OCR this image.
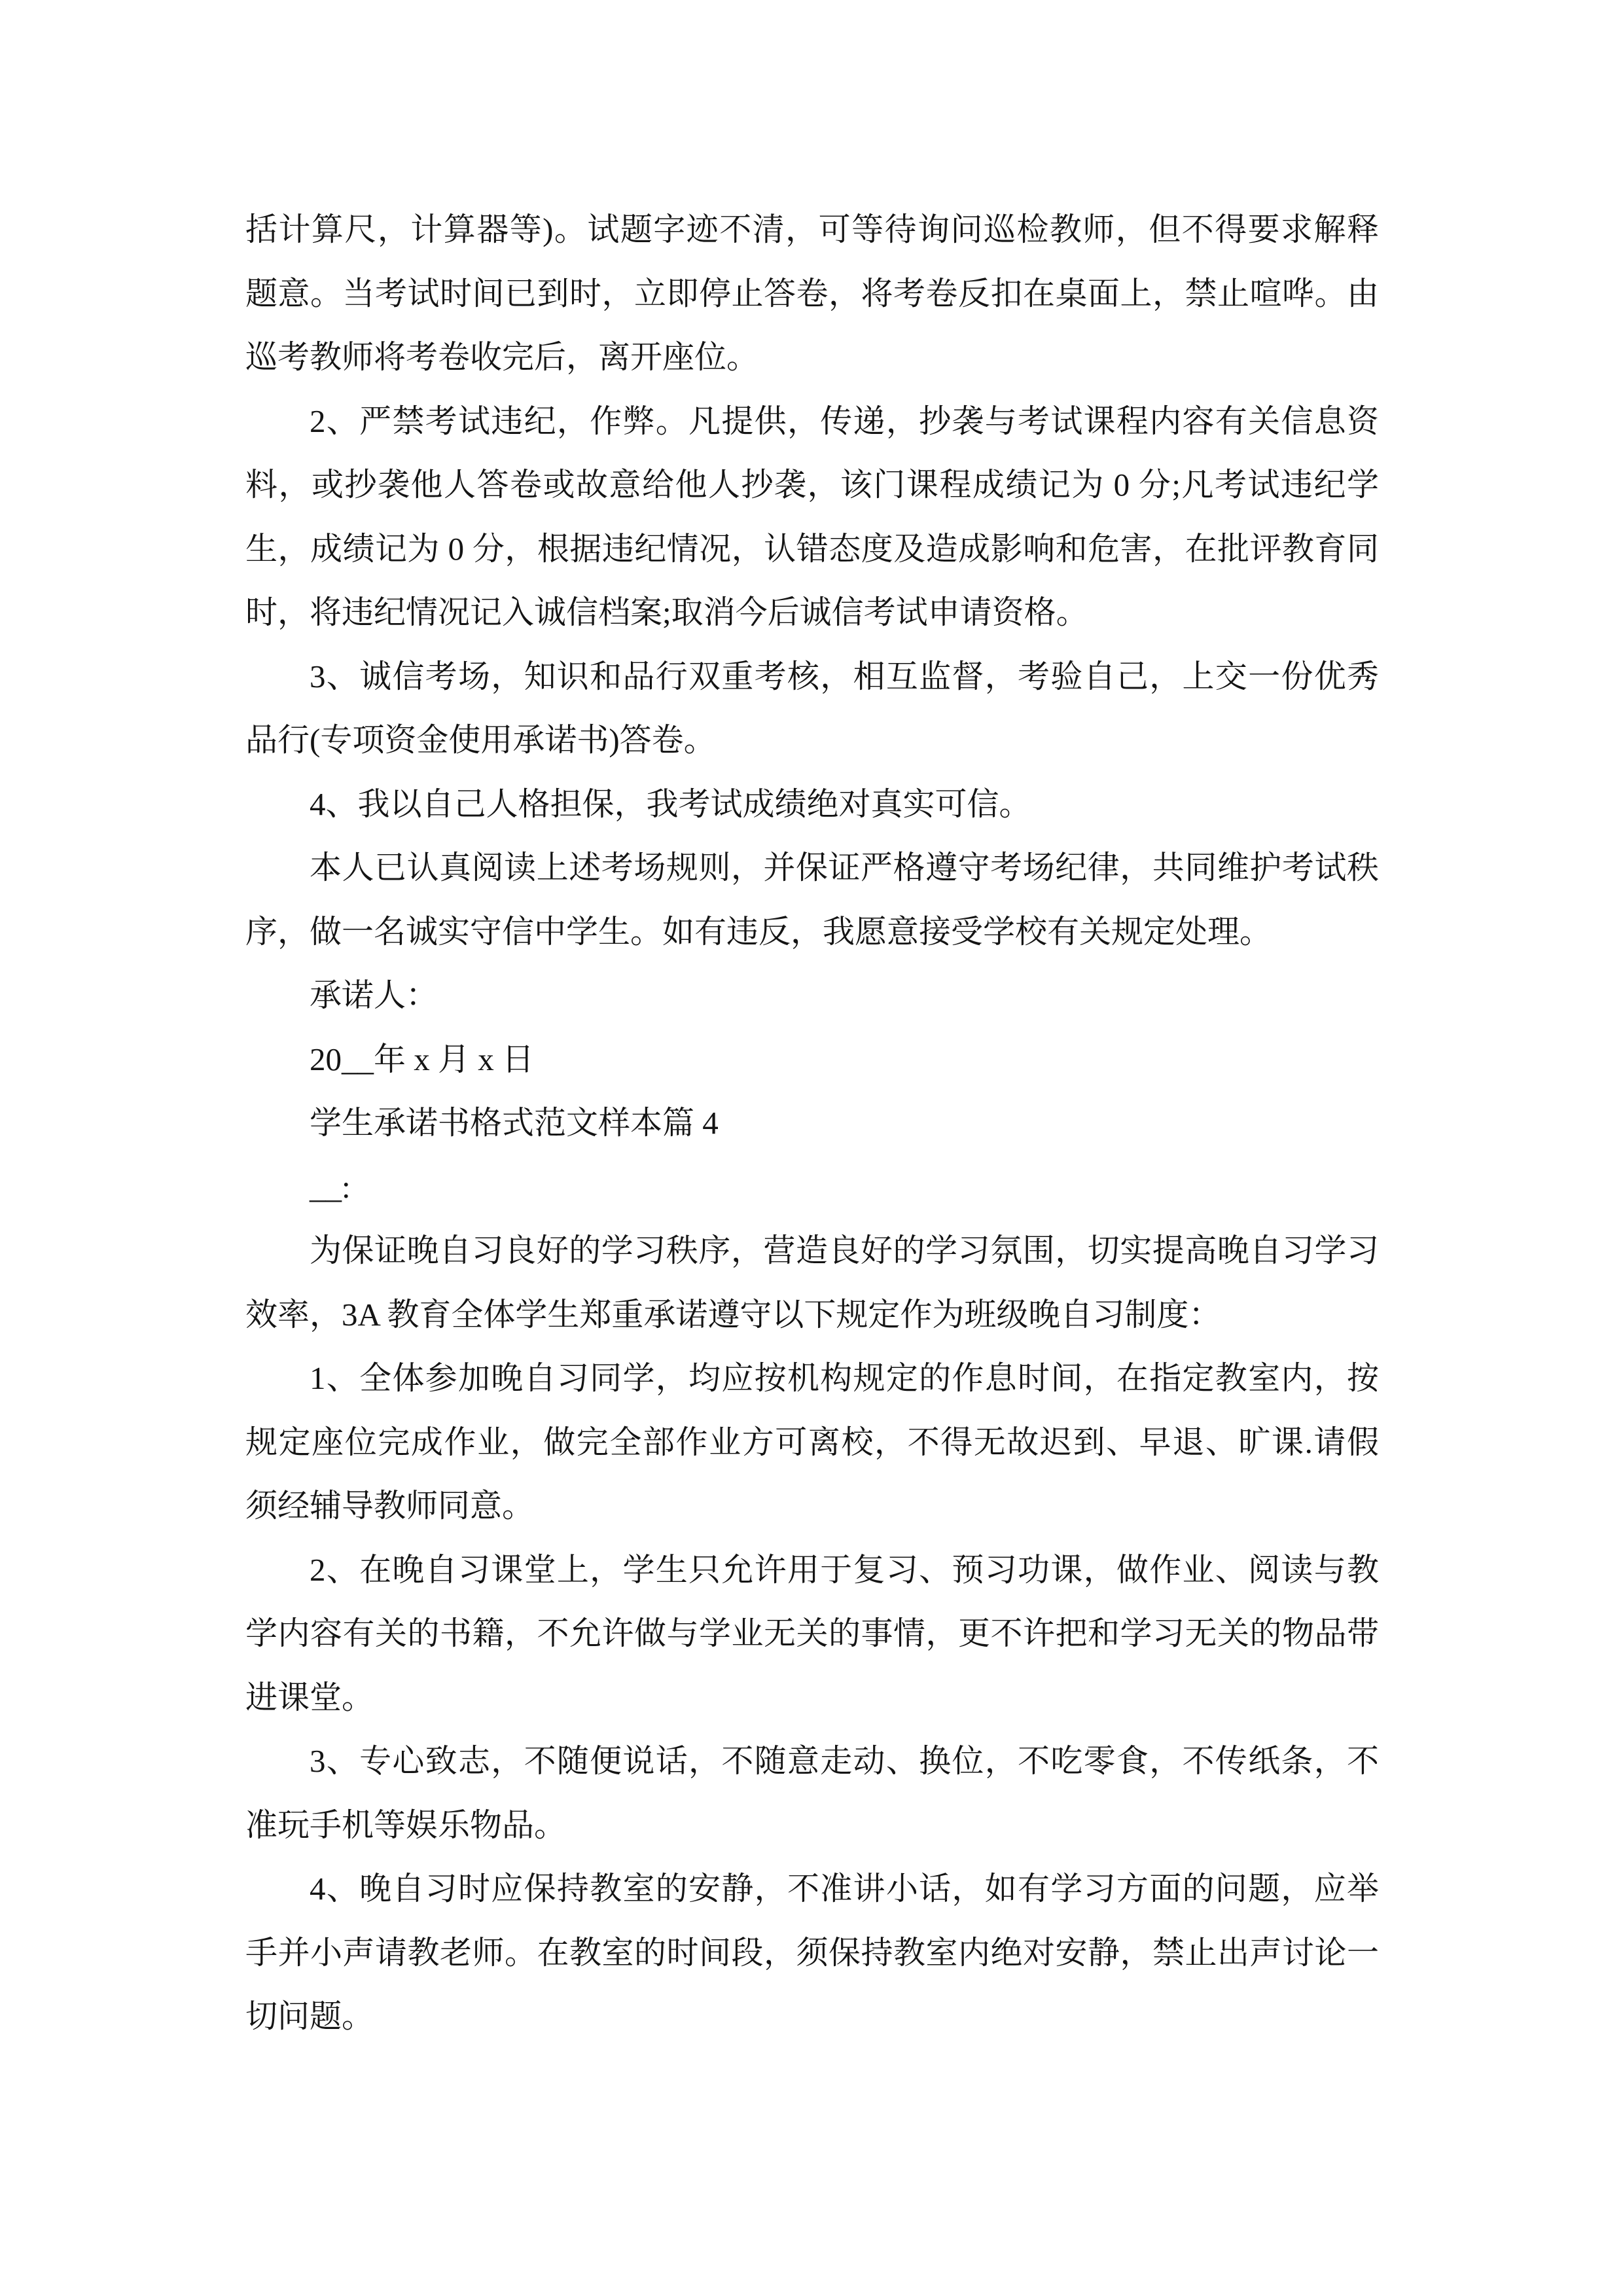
括计算尺，计算器等)。试题字迹不清，可等待询问巡检教师，但不得要求解释
题意。当考试时间已到时，立即停止答卷，将考卷反扣在桌面上，禁止喧哗。由
巡考教师将考卷收完后，离开座位。
2、严禁考试违纪，作弊。凡提供，传递，抄袭与考试课程内容有关信息资
料，或抄袭他人答卷或故意给他人抄袭，该门课程成绩记为 0 分;凡考试违纪学
生，成绩记为 0 分，根据违纪情况，认错态度及造成影响和危害，在批评教育同
时，将违纪情况记入诚信档案;取消今后诚信考试申请资格。
3、诚信考场，知识和品行双重考核，相互监督，考验自己，上交一份优秀
品行(专项资金使用承诺书)答卷。
4、我以自己人格担保，我考试成绩绝对真实可信。
本人已认真阅读上述考场规则，并保证严格遵守考场纪律，共同维护考试秩
序，做一名诚实守信中学生。如有违反，我愿意接受学校有关规定处理。
承诺人：
20__年 x 月 x 日
学生承诺书格式范文样本篇 4
__:
为保证晚自习良好的学习秩序，营造良好的学习氛围，切实提高晚自习学习
效率，3A 教育全体学生郑重承诺遵守以下规定作为班级晚自习制度：
1、全体参加晚自习同学，均应按机构规定的作息时间，在指定教室内，按
规定座位完成作业，做完全部作业方可离校，不得无故迟到、早退、旷课.请假
须经辅导教师同意。
2、在晚自习课堂上，学生只允许用于复习、预习功课，做作业、阅读与教
学内容有关的书籍，不允许做与学业无关的事情，更不许把和学习无关的物品带
进课堂。
3、专心致志，不随便说话，不随意走动、换位，不吃零食，不传纸条，不
准玩手机等娱乐物品。
4、晚自习时应保持教室的安静，不准讲小话，如有学习方面的问题，应举
手并小声请教老师。在教室的时间段，须保持教室内绝对安静，禁止出声讨论一
切问题。
